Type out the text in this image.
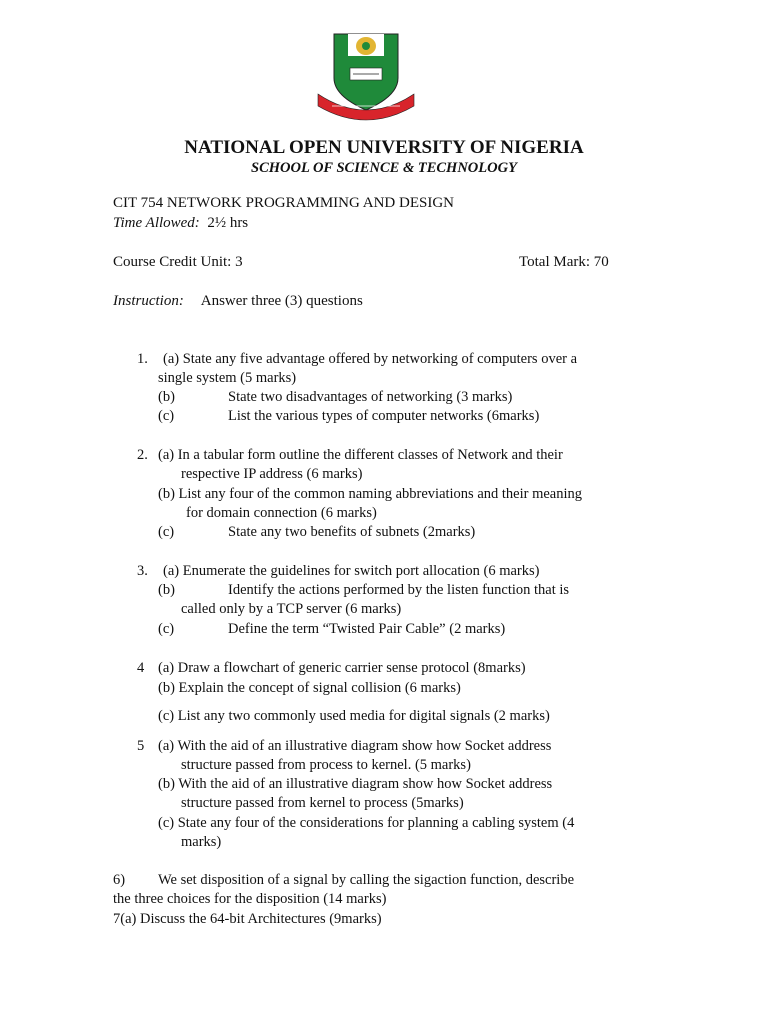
NATIONAL OPEN UNIVERSITY OF NIGERIA
SCHOOL OF SCIENCE & TECHNOLOGY
CIT 754 NETWORK PROGRAMMING AND DESIGN
Time Allowed: 2½ hrs
Course Credit Unit: 3	Total Mark: 70
Instruction: Answer three (3) questions
1. (a) State any five advantage offered by networking of computers over a
single system (5 marks)
(b)	State two disadvantages of networking (3 marks)
(c)	List the various types of computer networks (6marks)
2. (a) In a tabular form outline the different classes of Network and their
respective IP address (6 marks)
(b) List any four of the common naming abbreviations and their meaning
for domain connection (6 marks)
(c)	State any two benefits of subnets (2marks)
3. (a) Enumerate the guidelines for switch port allocation (6 marks)
(b)	Identify the actions performed by the listen function that is
called only by a TCP server (6 marks)
(c)	Define the term “Twisted Pair Cable” (2 marks)
4 (a) Draw a flowchart of generic carrier sense protocol (8marks)
(b) Explain the concept of signal collision (6 marks)
(c) List any two commonly used media for digital signals (2 marks)
5 (a) With the aid of an illustrative diagram show how Socket address
structure passed from process to kernel. (5 marks)
(b) With the aid of an illustrative diagram show how Socket address
structure passed from kernel to process (5marks)
(c) State any four of the considerations for planning a cabling system (4
marks)
6) We set disposition of a signal by calling the sigaction function, describe
the three choices for the disposition (14 marks)
7(a) Discuss the 64-bit Architectures (9marks)
